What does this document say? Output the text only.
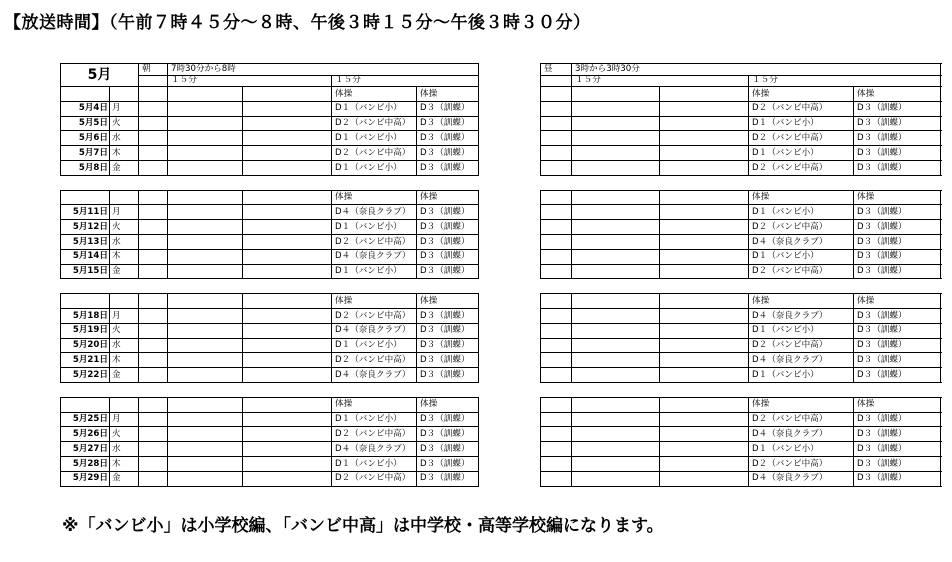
【放送時間】（午前７時４５分～８時、午後３時１５分～午後３時３０分）
5月		朝	7時30分から8時			
			１５分		１５分	
					体操	体操
5月4日	月				D１（バンビ小）	D３（訓蝶）
5月5日	火				D２（バンビ中高）	D３（訓蝶）
5月6日	水				D１（バンビ小）	D３（訓蝶）
5月7日	木				D２（バンビ中高）	D３（訓蝶）
5月8日	金				D１（バンビ小）	D３（訓蝶）

					体操	体操
5月11日	月				D４（奈良クラブ）	D３（訓蝶）
5月12日	火				D１（バンビ小）	D３（訓蝶）
5月13日	水				D２（バンビ中高）	D３（訓蝶）
5月14日	木				D４（奈良クラブ）	D３（訓蝶）
5月15日	金				D１（バンビ小）	D３（訓蝶）

					体操	体操
5月18日	月				D２（バンビ中高）	D３（訓蝶）
5月19日	火				D４（奈良クラブ）	D３（訓蝶）
5月20日	水				D１（バンビ小）	D３（訓蝶）
5月21日	木				D２（バンビ中高）	D３（訓蝶）
5月22日	金				D４（奈良クラブ）	D３（訓蝶）

					体操	体操
5月25日	月				D１（バンビ小）	D３（訓蝶）
5月26日	火				D２（バンビ中高）	D３（訓蝶）
5月27日	水				D４（奈良クラブ）	D３（訓蝶）
5月28日	木				D１（バンビ小）	D３（訓蝶）
5月29日	金				D２（バンビ中高）	D３（訓蝶）
昼	3時から3時30分				
	１５分		１５分		
			体操	体操	
			D２（バンビ中高）	D３（訓蝶）	
			D１（バンビ小）	D３（訓蝶）	
			D２（バンビ中高）	D３（訓蝶）	
			D１（バンビ小）	D３（訓蝶）	
			D２（バンビ中高）	D３（訓蝶）	

			体操	体操	
			D１（バンビ小）	D３（訓蝶）	
			D２（バンビ中高）	D３（訓蝶）	
			D４（奈良クラブ）	D３（訓蝶）	
			D１（バンビ小）	D３（訓蝶）	
			D２（バンビ中高）	D３（訓蝶）	

			体操	体操	
			D４（奈良クラブ）	D３（訓蝶）	
			D１（バンビ小）	D３（訓蝶）	
			D２（バンビ中高）	D３（訓蝶）	
			D４（奈良クラブ）	D３（訓蝶）	
			D１（バンビ小）	D３（訓蝶）	

			体操	体操	
			D２（バンビ中高）	D３（訓蝶）	
			D４（奈良クラブ）	D３（訓蝶）	
			D１（バンビ小）	D３（訓蝶）	
			D２（バンビ中高）	D３（訓蝶）	
			D４（奈良クラブ）	D３（訓蝶）	
※「バンビ小」は小学校編、「バンビ中高」は中学校・高等学校編になります。
